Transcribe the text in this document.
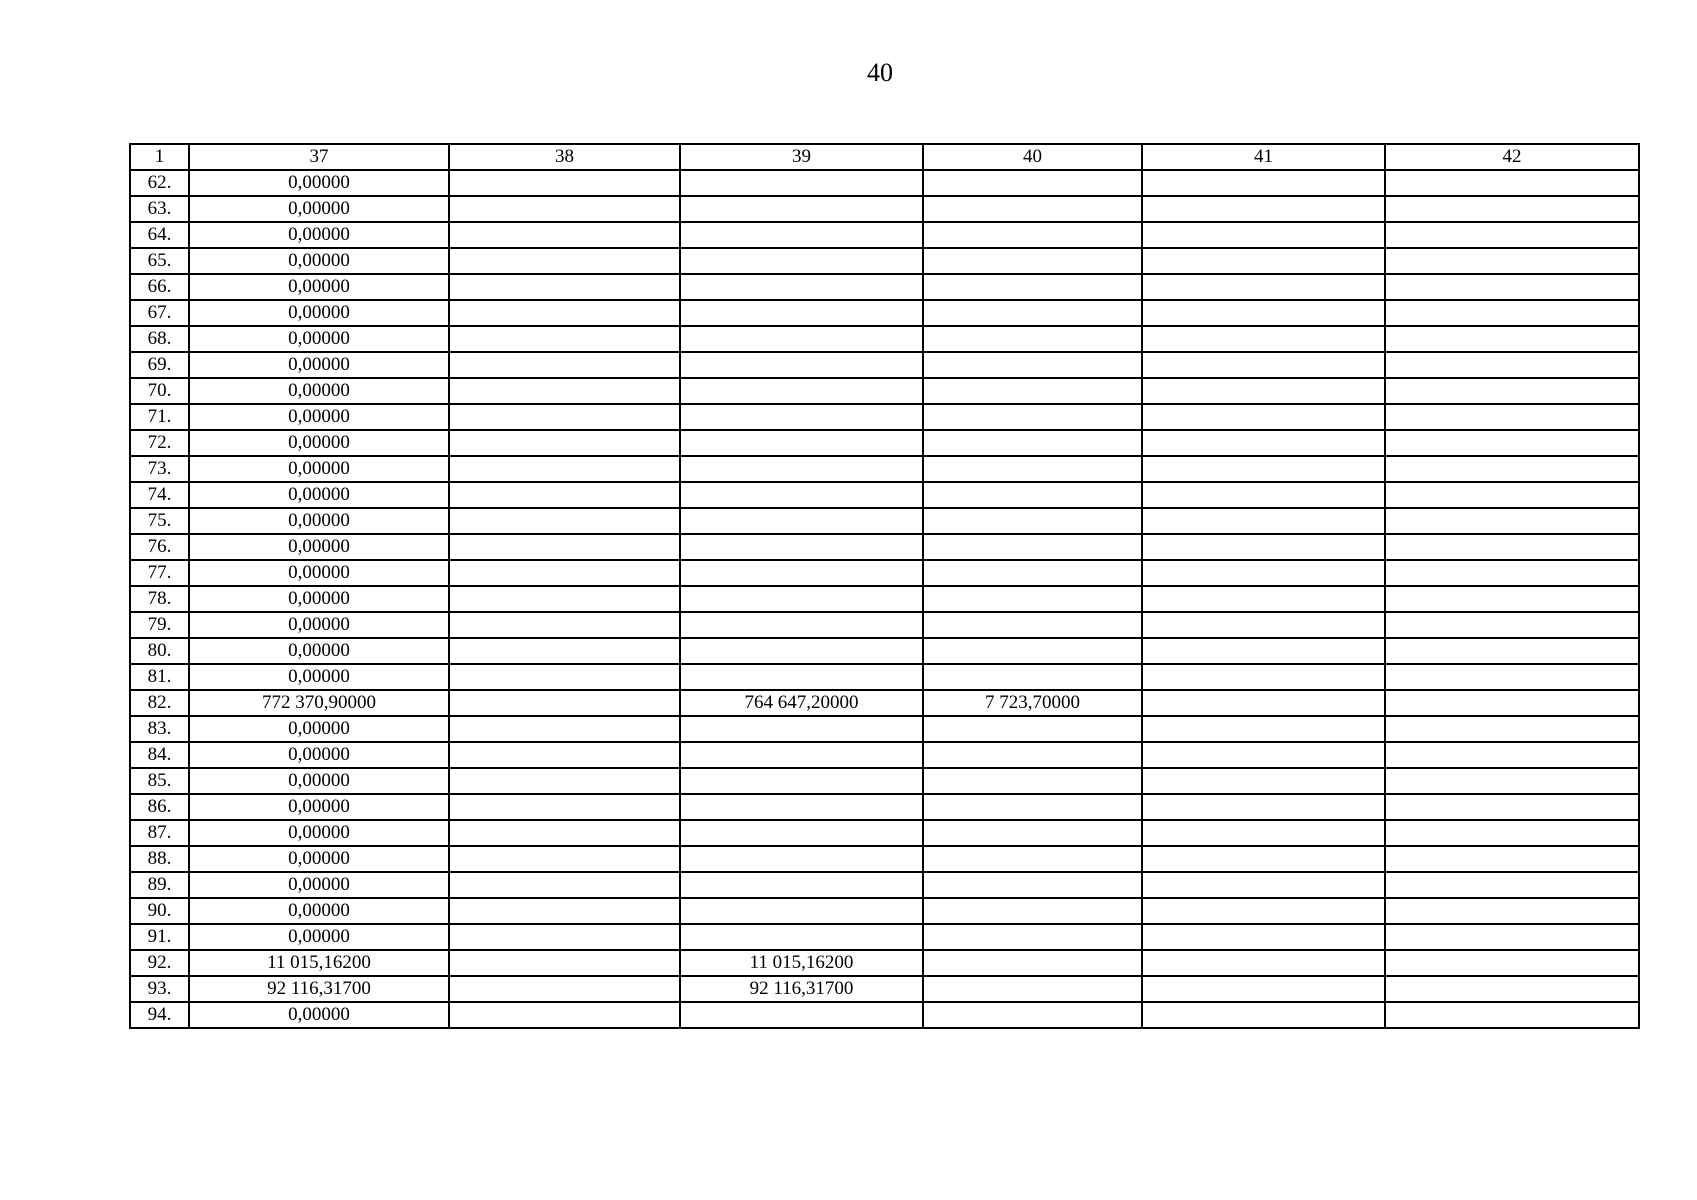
40
1	37	38	39	40	41	42
62.	0,00000					
63.	0,00000					
64.	0,00000					
65.	0,00000					
66.	0,00000					
67.	0,00000					
68.	0,00000					
69.	0,00000					
70.	0,00000					
71.	0,00000					
72.	0,00000					
73.	0,00000					
74.	0,00000					
75.	0,00000					
76.	0,00000					
77.	0,00000					
78.	0,00000					
79.	0,00000					
80.	0,00000					
81.	0,00000					
82.	772 370,90000		764 647,20000	7 723,70000		
83.	0,00000					
84.	0,00000					
85.	0,00000					
86.	0,00000					
87.	0,00000					
88.	0,00000					
89.	0,00000					
90.	0,00000					
91.	0,00000					
92.	11 015,16200		11 015,16200			
93.	92 116,31700		92 116,31700			
94.	0,00000					
